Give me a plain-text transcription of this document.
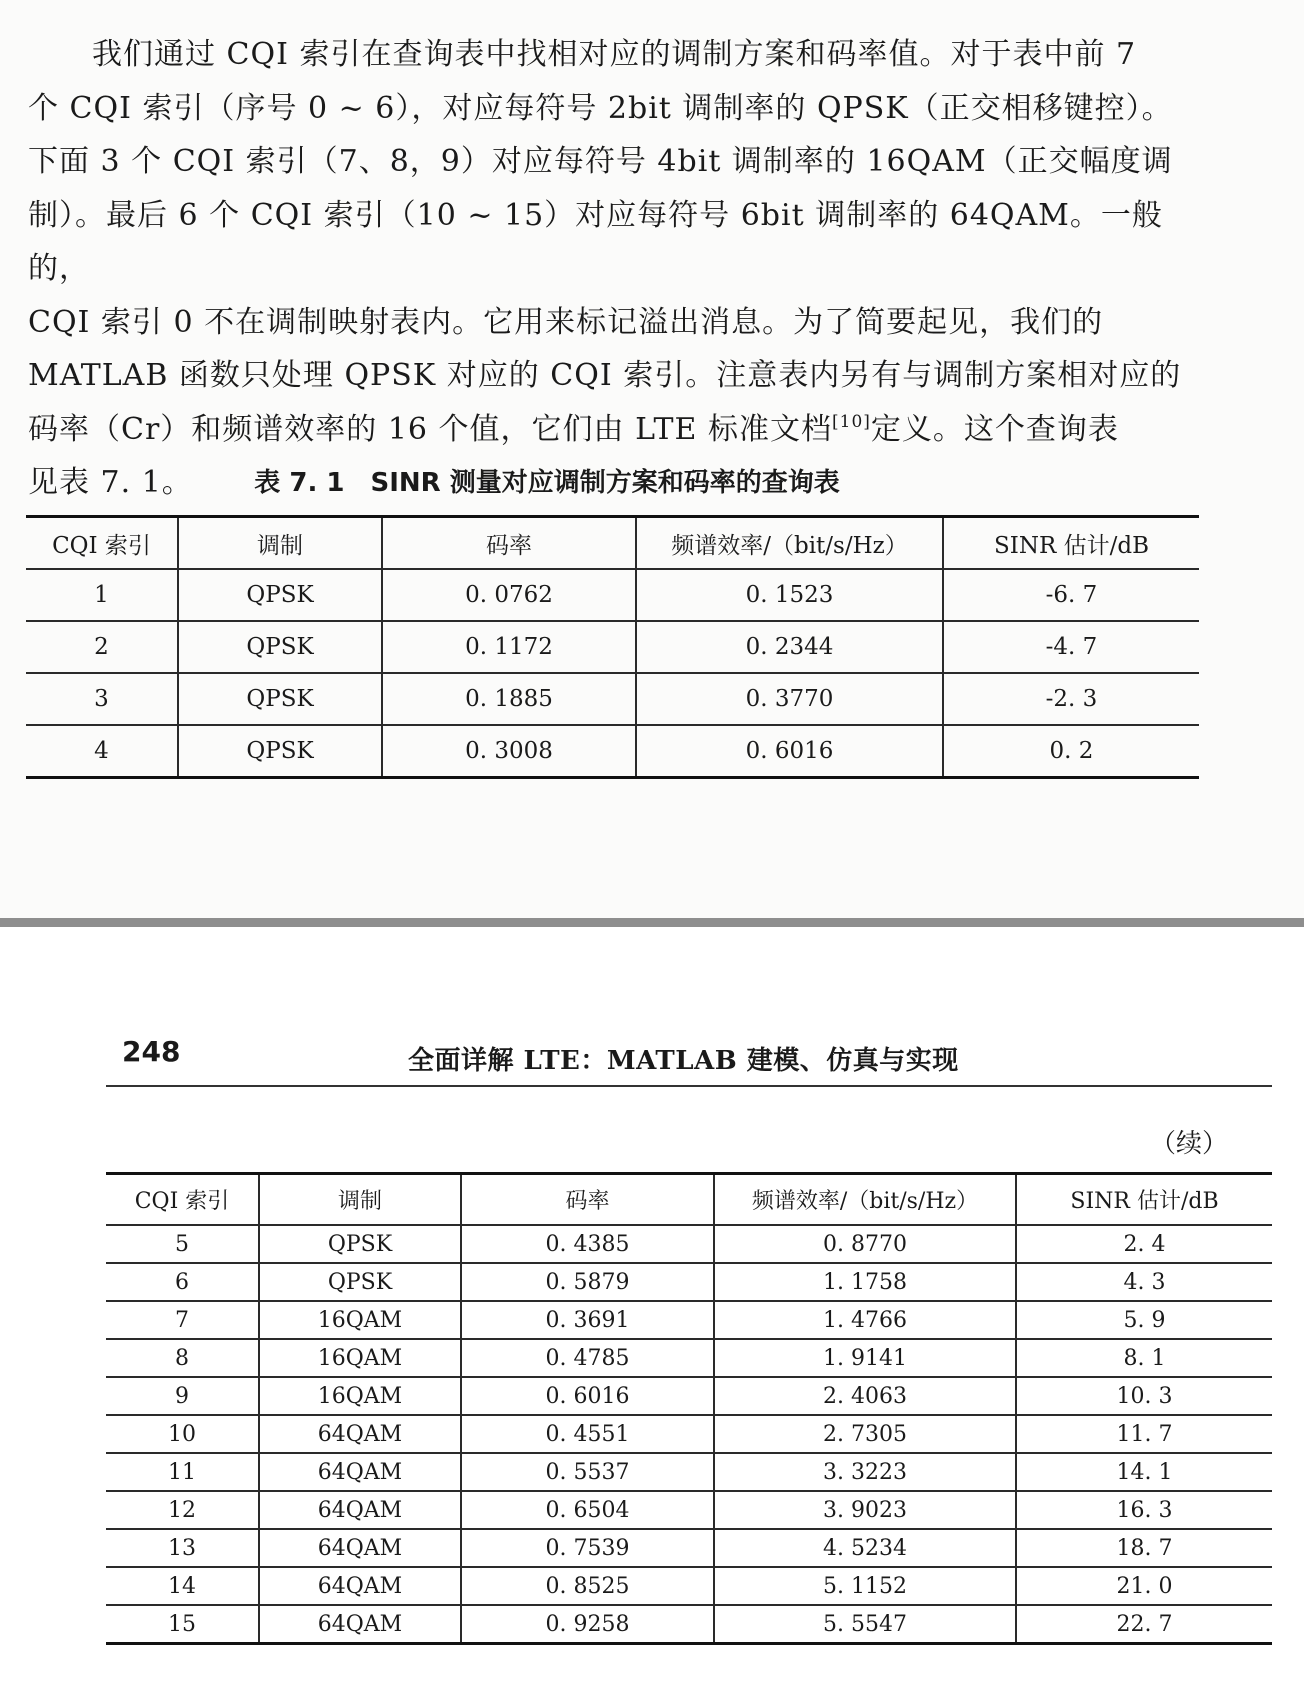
我们通过 CQI 索引在查询表中找相对应的调制方案和码率值。对于表中前 7

个 CQI 索引（序号 0 ~ 6），对应每符号 2bit 调制率的 QPSK（正交相移键控）。

下面 3 个 CQI 索引（7、8，9）对应每符号 4bit 调制率的 16QAM（正交幅度调

制）。最后 6 个 CQI 索引（10 ~ 15）对应每符号 6bit 调制率的 64QAM。一般的，

CQI 索引 0 不在调制映射表内。它用来标记溢出消息。为了简要起见，我们的

MATLAB 函数只处理 QPSK 对应的 CQI 索引。注意表内另有与调制方案相对应的

码率（Cr）和频谱效率的 16 个值，它们由 LTE 标准文档[10]定义。这个查询表

见表 7. 1。	表 7. 1 SINR 测量对应调制方案和码率的查询表
CQI 索引	调制	码率	频谱效率/（bit/s/Hz）	SINR 估计/dB
1	QPSK	0. 0762	0. 1523	-6. 7
2	QPSK	0. 1172	0. 2344	-4. 7
3	QPSK	0. 1885	0. 3770	-2. 3
4	QPSK	0. 3008	0. 6016	0. 2
248	全面详解 LTE：MATLAB 建模、仿真与实现
（续）
CQI 索引	调制	码率	频谱效率/（bit/s/Hz）	SINR 估计/dB
5	QPSK	0. 4385	0. 8770	2. 4
6	QPSK	0. 5879	1. 1758	4. 3
7	16QAM	0. 3691	1. 4766	5. 9
8	16QAM	0. 4785	1. 9141	8. 1
9	16QAM	0. 6016	2. 4063	10. 3
10	64QAM	0. 4551	2. 7305	11. 7
11	64QAM	0. 5537	3. 3223	14. 1
12	64QAM	0. 6504	3. 9023	16. 3
13	64QAM	0. 7539	4. 5234	18. 7
14	64QAM	0. 8525	5. 1152	21. 0
15	64QAM	0. 9258	5. 5547	22. 7
